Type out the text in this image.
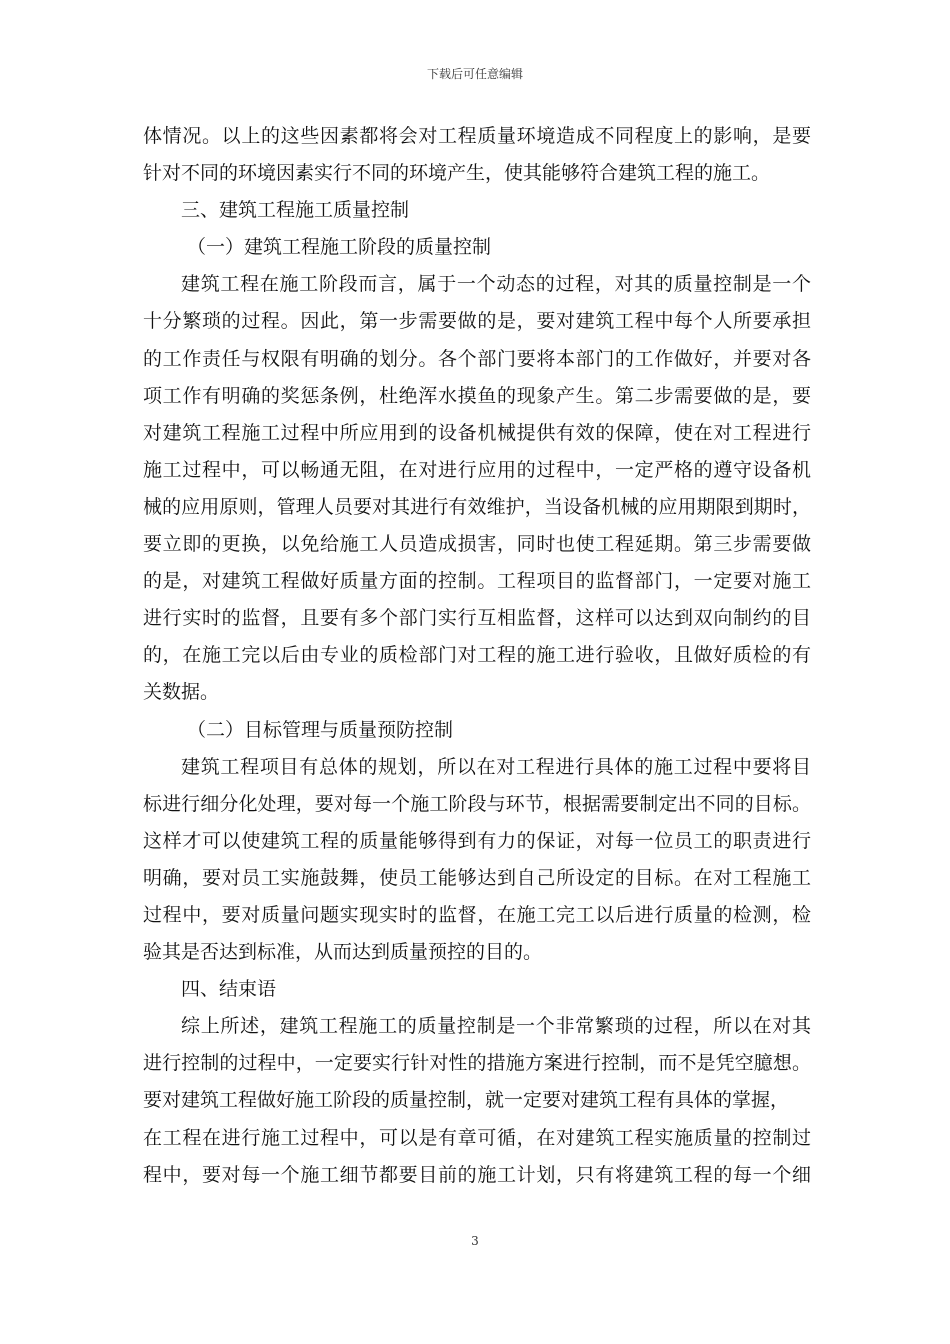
下载后可任意编辑
体情况。以上的这些因素都将会对工程质量环境造成不同程度上的影响，是要
针对不同的环境因素实行不同的环境产生，使其能够符合建筑工程的施工。
三、建筑工程施工质量控制
（一）建筑工程施工阶段的质量控制
建筑工程在施工阶段而言，属于一个动态的过程，对其的质量控制是一个
十分繁琐的过程。因此，第一步需要做的是，要对建筑工程中每个人所要承担
的工作责任与权限有明确的划分。各个部门要将本部门的工作做好，并要对各
项工作有明确的奖惩条例，杜绝浑水摸鱼的现象产生。第二步需要做的是，要
对建筑工程施工过程中所应用到的设备机械提供有效的保障，使在对工程进行
施工过程中，可以畅通无阻，在对进行应用的过程中，一定严格的遵守设备机
械的应用原则，管理人员要对其进行有效维护，当设备机械的应用期限到期时，
要立即的更换，以免给施工人员造成损害，同时也使工程延期。第三步需要做
的是，对建筑工程做好质量方面的控制。工程项目的监督部门，一定要对施工
进行实时的监督，且要有多个部门实行互相监督，这样可以达到双向制约的目
的，在施工完以后由专业的质检部门对工程的施工进行验收，且做好质检的有
关数据。
（二）目标管理与质量预防控制
建筑工程项目有总体的规划，所以在对工程进行具体的施工过程中要将目
标进行细分化处理，要对每一个施工阶段与环节，根据需要制定出不同的目标。
这样才可以使建筑工程的质量能够得到有力的保证，对每一位员工的职责进行
明确，要对员工实施鼓舞，使员工能够达到自己所设定的目标。在对工程施工
过程中，要对质量问题实现实时的监督，在施工完工以后进行质量的检测，检
验其是否达到标准，从而达到质量预控的目的。
四、结束语
综上所述，建筑工程施工的质量控制是一个非常繁琐的过程，所以在对其
进行控制的过程中，一定要实行针对性的措施方案进行控制，而不是凭空臆想。
要对建筑工程做好施工阶段的质量控制，就一定要对建筑工程有具体的掌握，
在工程在进行施工过程中，可以是有章可循，在对建筑工程实施质量的控制过
程中，要对每一个施工细节都要目前的施工计划，只有将建筑工程的每一个细
3
